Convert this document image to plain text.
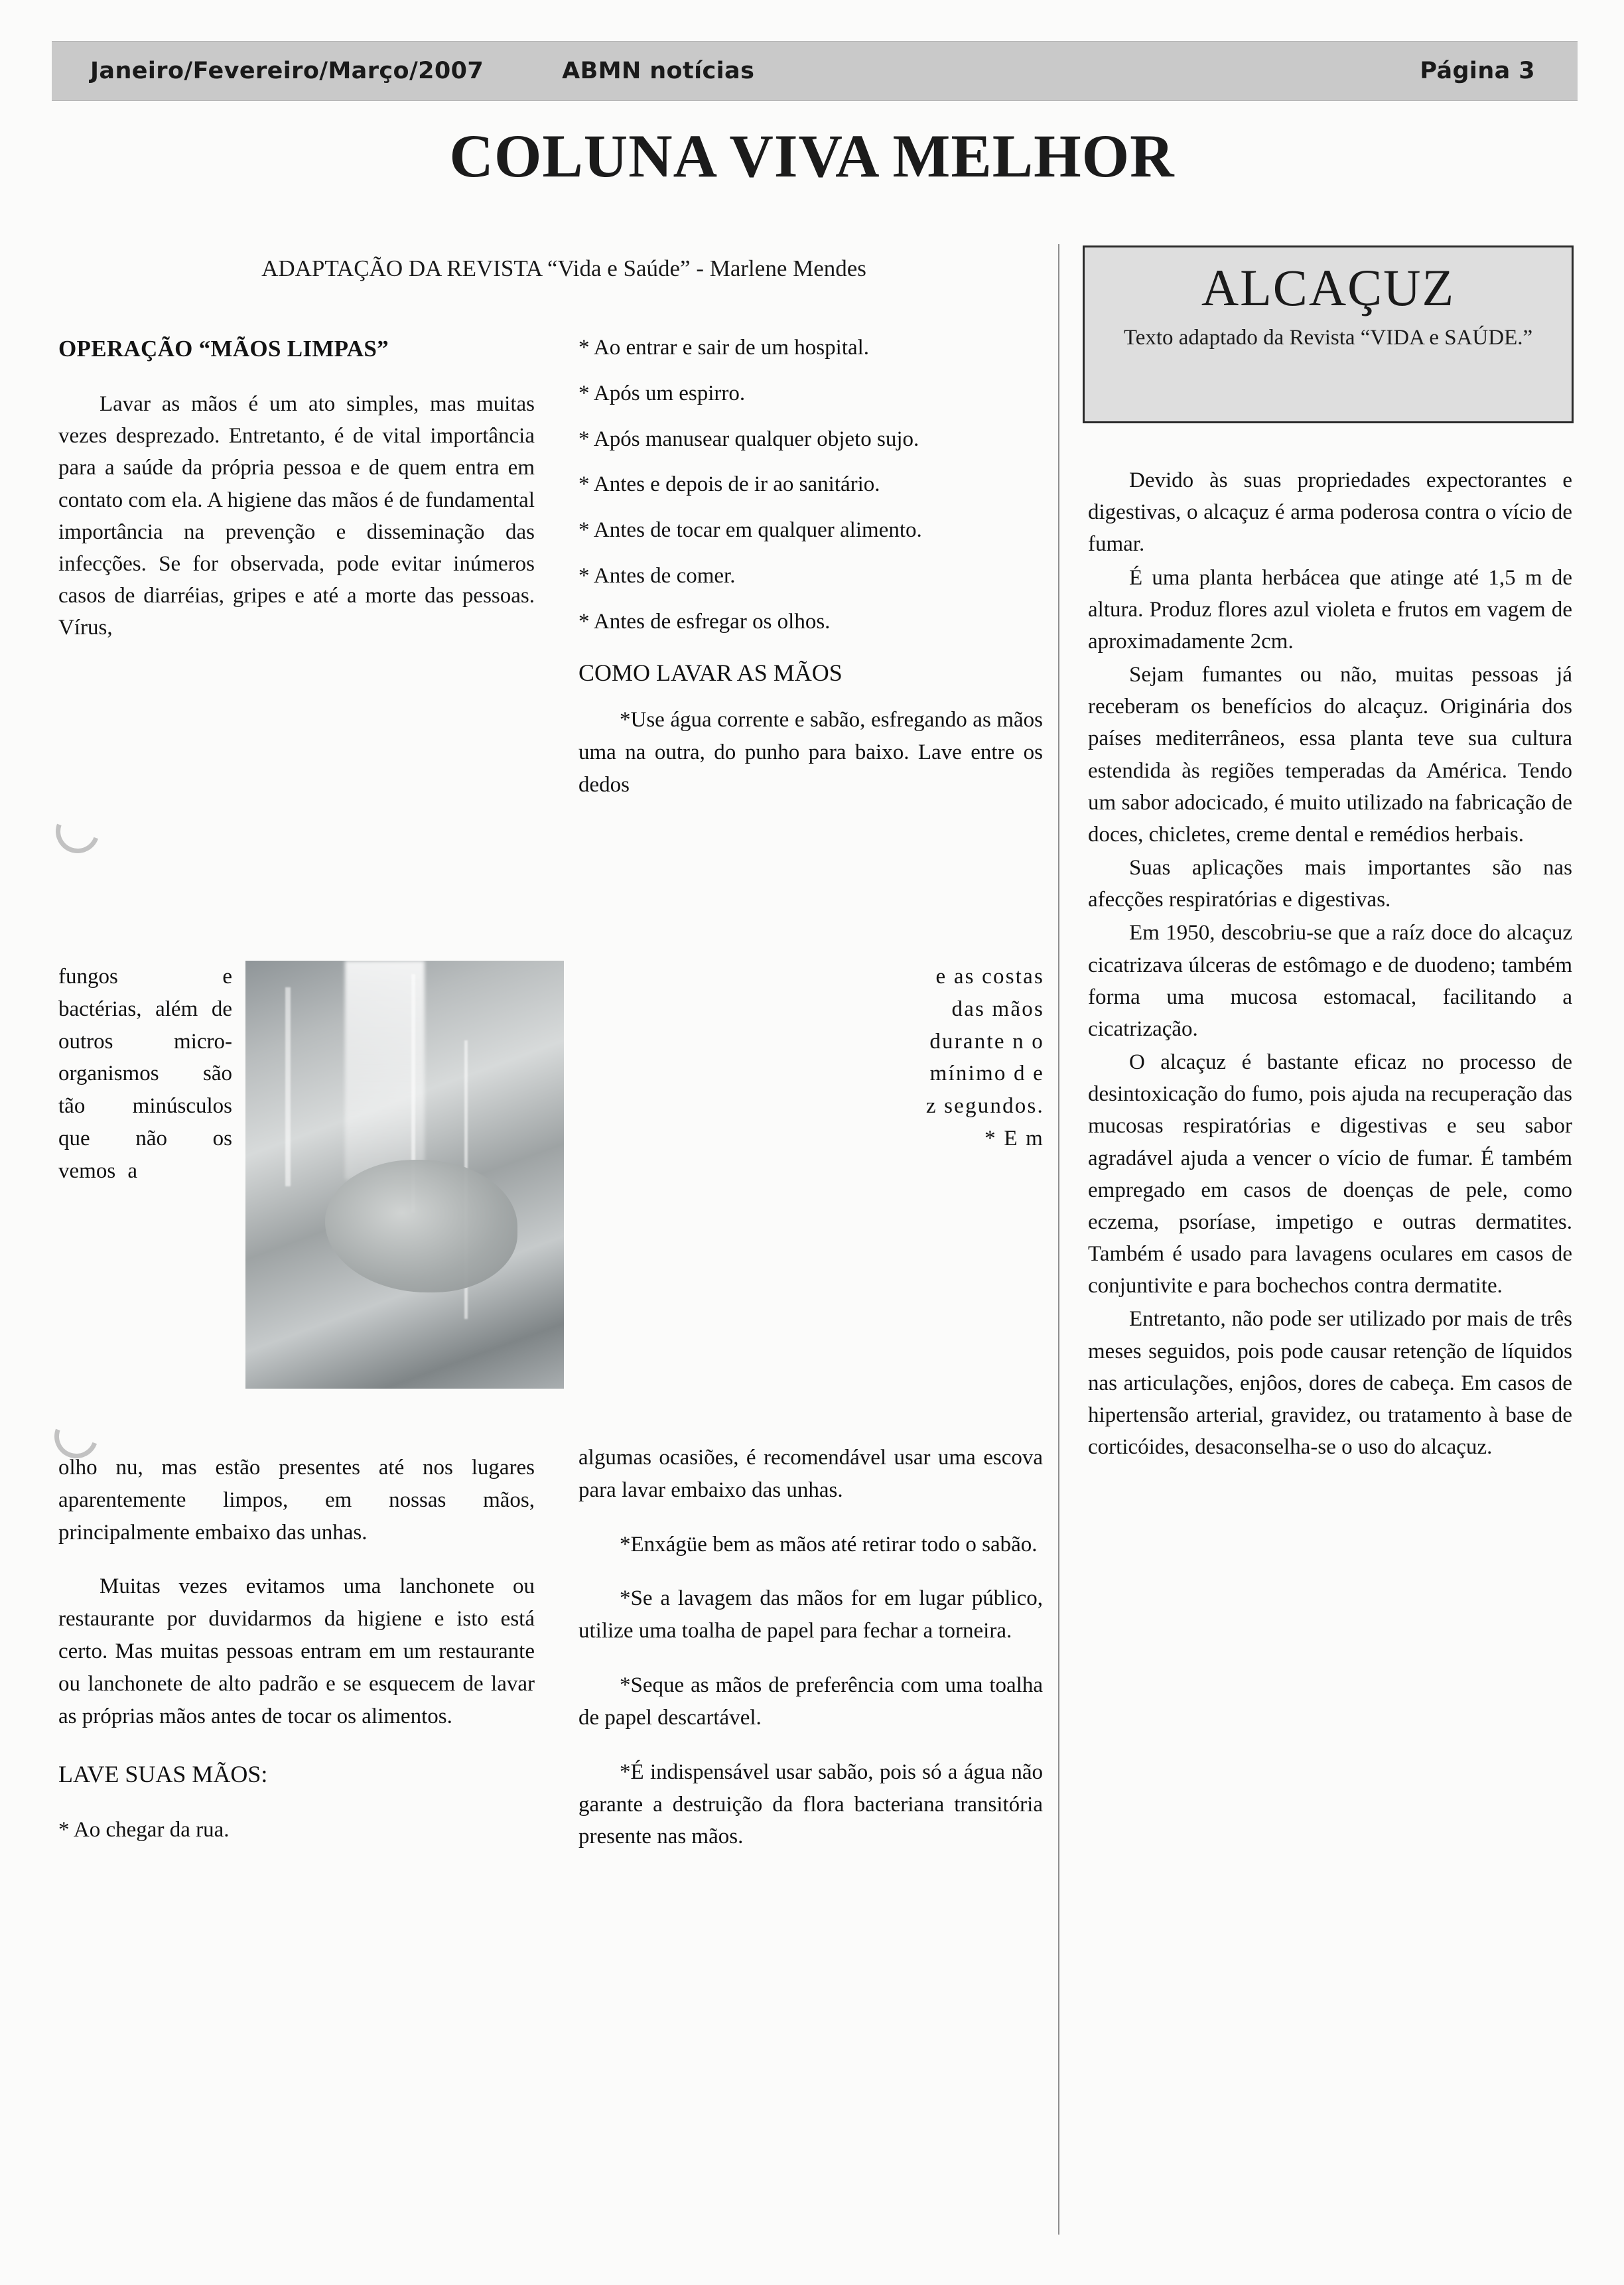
Janeiro/Fevereiro/Março/2007	ABMN notícias	Página 3
COLUNA VIVA MELHOR
ADAPTAÇÃO DA REVISTA “Vida e Saúde” - Marlene Mendes
OPERAÇÃO “MÃOS LIMPAS”

Lavar as mãos é um ato simples, mas muitas vezes desprezado. Entretanto, é de vital importância para a saúde da própria pessoa e de quem entra em contato com ela. A higiene das mãos é de fundamental importância na prevenção e disseminação das infecções. Se for observada, pode evitar inúmeros casos de diarréias, gripes e até a morte das pessoas. Vírus,

fungos e bactérias, além de outros micro-organismos são tão minúsculos que não os vemos a
e as costas das mãos durante n o mínimo d e z segundos. * E m

olho nu, mas estão presentes até nos lugares aparentemente limpos, em nossas mãos, principalmente embaixo das unhas.

Muitas vezes evitamos uma lanchonete ou restaurante por duvidarmos da higiene e isto está certo. Mas muitas pessoas entram em um restaurante ou lanchonete de alto padrão e se esquecem de lavar as próprias mãos antes de tocar os alimentos.

LAVE SUAS MÃOS:

* Ao chegar da rua.

* Ao entrar e sair de um hospital.

* Após um espirro.

* Após manusear qualquer objeto sujo.

* Antes e depois de ir ao sanitário.

* Antes de tocar em qualquer alimento.

* Antes de comer.

* Antes de esfregar os olhos.

COMO LAVAR AS MÃOS

*Use água corrente e sabão, esfregando as mãos uma na outra, do punho para baixo. Lave entre os dedos

algumas ocasiões, é recomendável usar uma escova para lavar embaixo das unhas.

*Enxágüe bem as mãos até retirar todo o sabão.

*Se a lavagem das mãos for em lugar público, utilize uma toalha de papel para fechar a torneira.

*Seque as mãos de preferência com uma toalha de papel descartável.

*É indispensável usar sabão, pois só a água não garante a destruição da flora bacteriana transitória presente nas mãos.

ALCAÇUZ
Texto adaptado da Revista “VIDA e SAÚDE.”

Devido às suas propriedades expectorantes e digestivas, o alcaçuz é arma poderosa contra o vício de fumar.

É uma planta herbácea que atinge até 1,5 m de altura. Produz flores azul violeta e frutos em vagem de aproximadamente 2cm.

Sejam fumantes ou não, muitas pessoas já receberam os benefícios do alcaçuz. Originária dos países mediterrâneos, essa planta teve sua cultura estendida às regiões temperadas da América. Tendo um sabor adocicado, é muito utilizado na fabricação de doces, chicletes, creme dental e remédios herbais.

Suas aplicações mais importantes são nas afecções respiratórias e digestivas.

Em 1950, descobriu-se que a raíz doce do alcaçuz cicatrizava úlceras de estômago e de duodeno; também forma uma mucosa estomacal, facilitando a cicatrização.

O alcaçuz é bastante eficaz no processo de desintoxicação do fumo, pois ajuda na recuperação das mucosas respiratórias e digestivas e seu sabor agradável ajuda a vencer o vício de fumar. É também empregado em casos de doenças de pele, como eczema, psoríase, impetigo e outras dermatites. Também é usado para lavagens oculares em casos de conjuntivite e para bochechos contra dermatite.

Entretanto, não pode ser utilizado por mais de três meses seguidos, pois pode causar retenção de líquidos nas articulações, enjôos, dores de cabeça. Em casos de hipertensão arterial, gravidez, ou tratamento à base de corticóides, desaconselha-se o uso do alcaçuz.
